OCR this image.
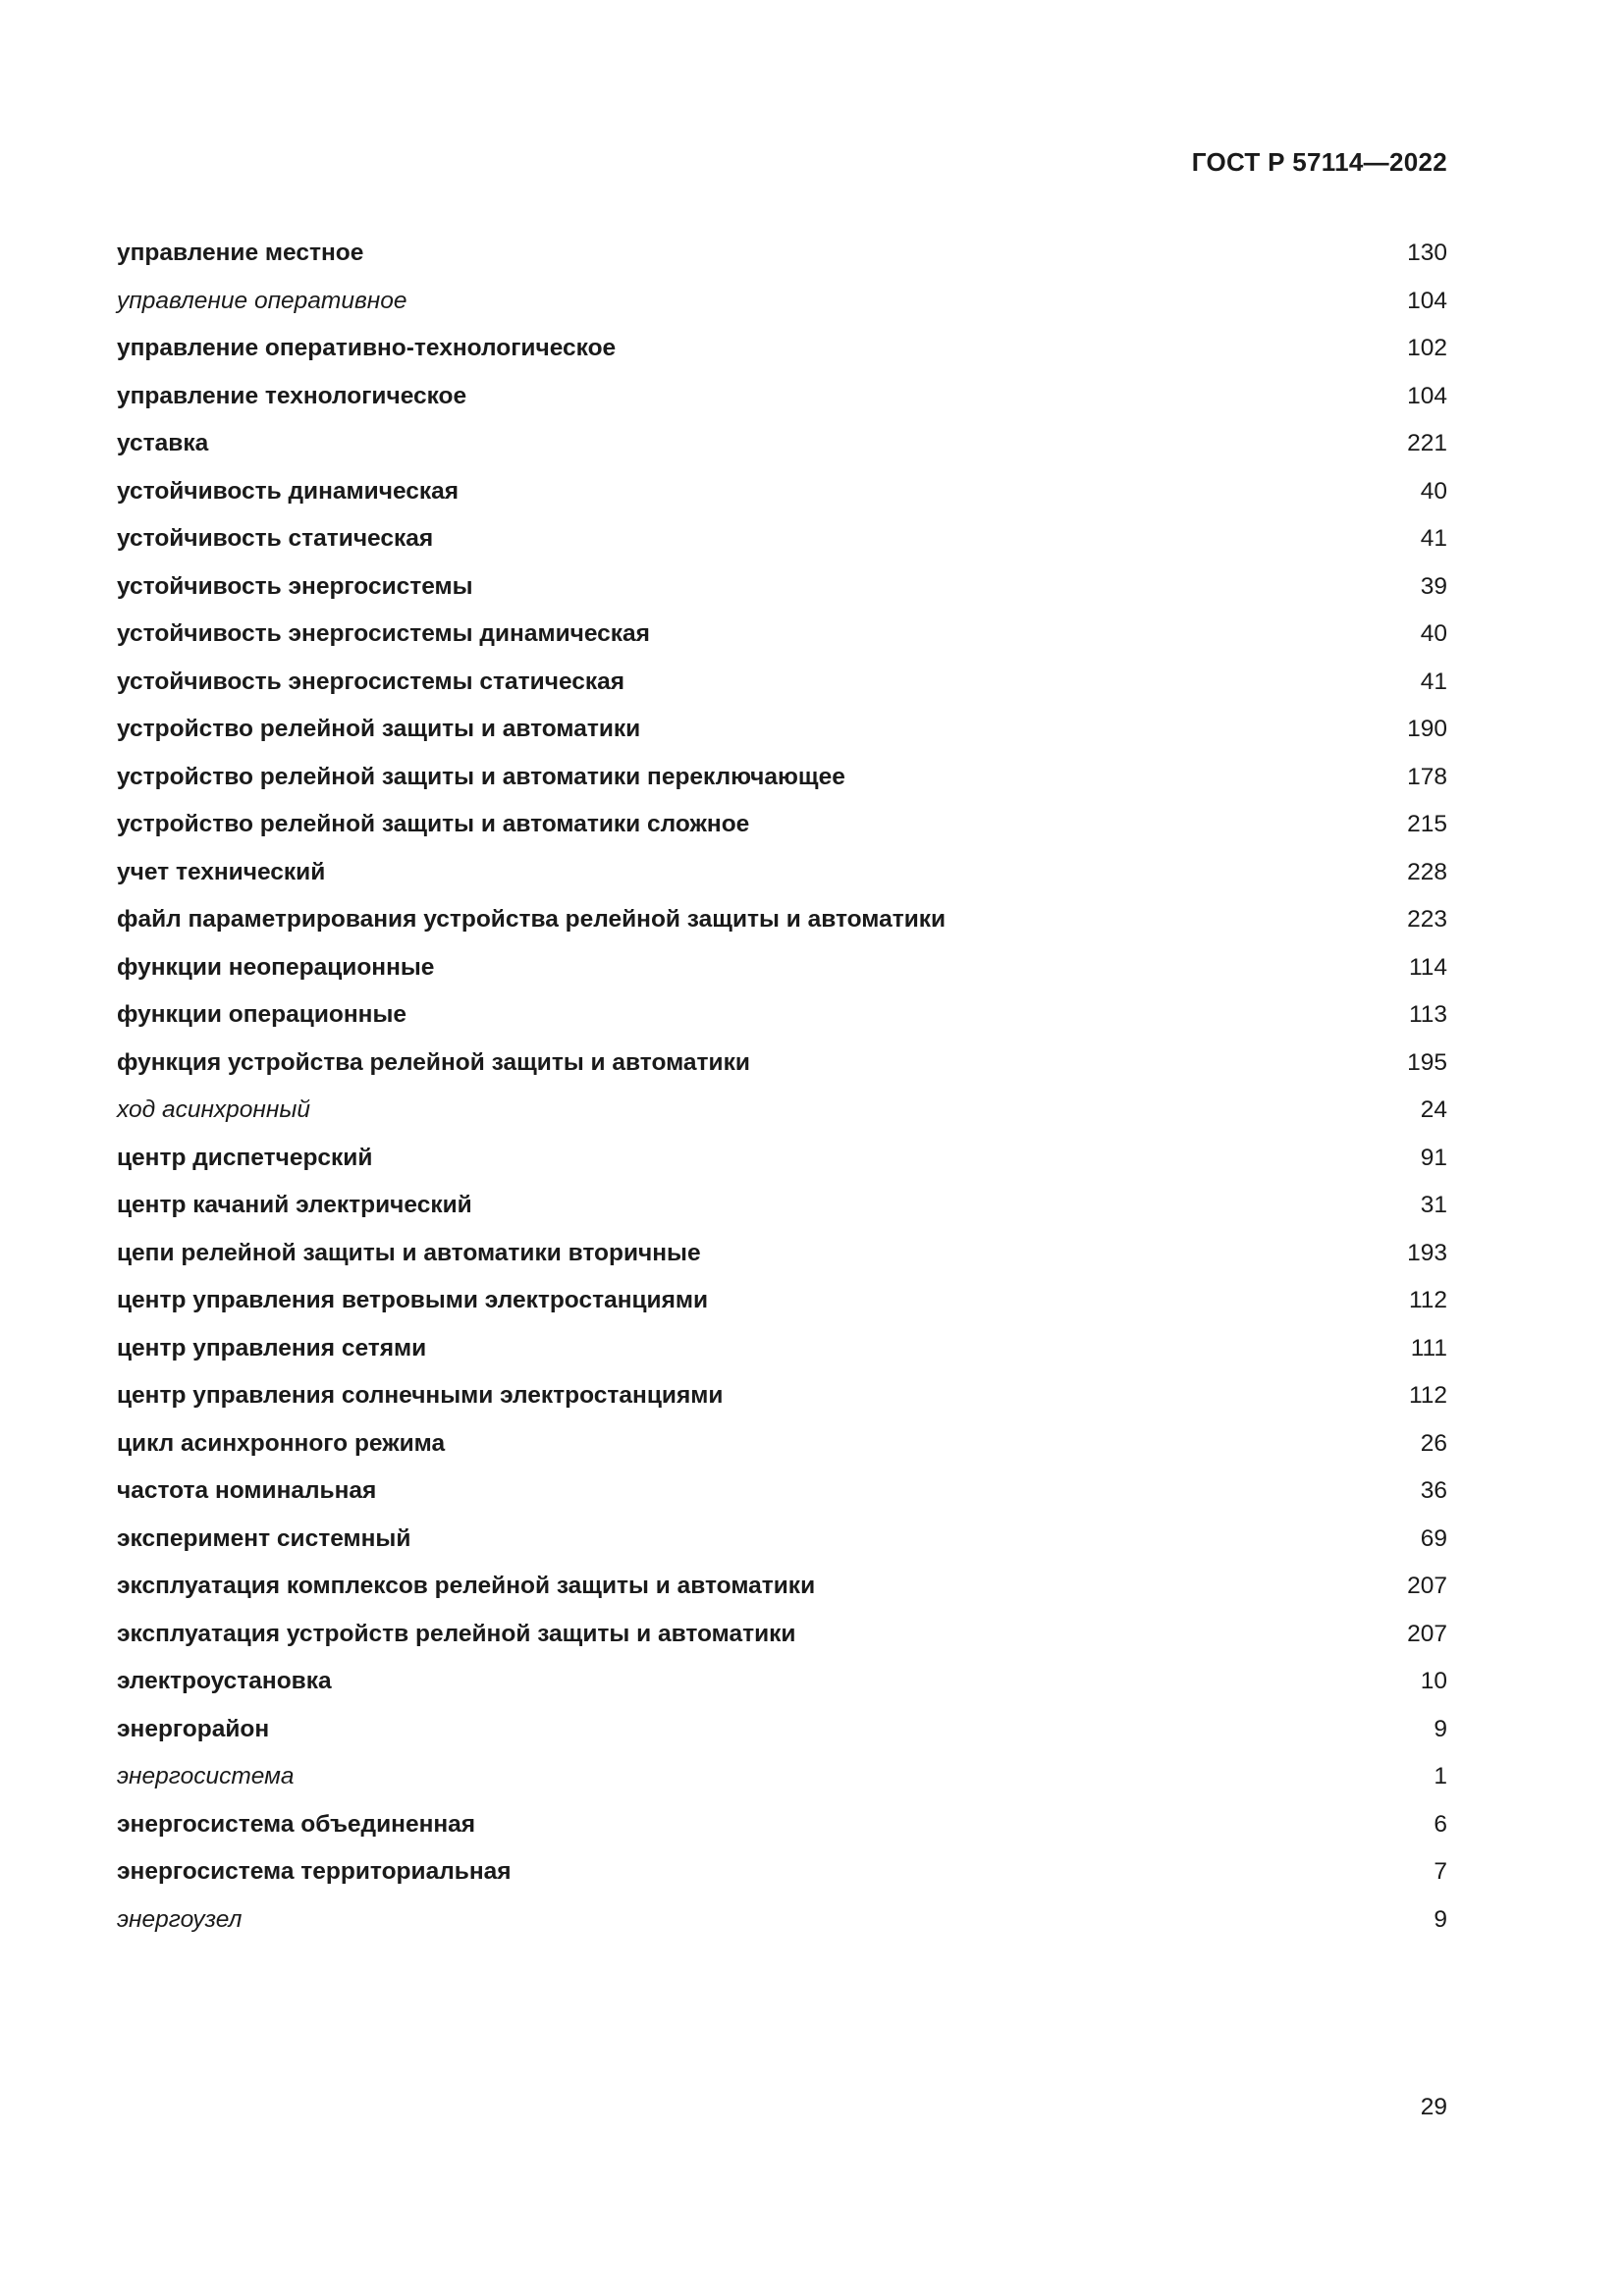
ГОСТ Р 57114—2022
управление местное	130
управление оперативное	104
управление оперативно-технологическое	102
управление технологическое	104
уставка	221
устойчивость динамическая	40
устойчивость статическая	41
устойчивость энергосистемы	39
устойчивость энергосистемы динамическая	40
устойчивость энергосистемы статическая	41
устройство релейной защиты и автоматики	190
устройство релейной защиты и автоматики переключающее	178
устройство релейной защиты и автоматики сложное	215
учет технический	228
файл параметрирования устройства релейной защиты и автоматики	223
функции неоперационные	114
функции операционные	113
функция устройства релейной защиты и автоматики	195
ход асинхронный	24
центр диспетчерский	91
центр качаний электрический	31
цепи релейной защиты и автоматики вторичные	193
центр управления ветровыми электростанциями	112
центр управления сетями	111
центр управления солнечными электростанциями	112
цикл асинхронного режима	26
частота номинальная	36
эксперимент системный	69
эксплуатация комплексов релейной защиты и автоматики	207
эксплуатация устройств релейной защиты и автоматики	207
электроустановка	10
энергорайон	9
энергосистема	1
энергосистема объединенная	6
энергосистема территориальная	7
энергоузел	9
29
